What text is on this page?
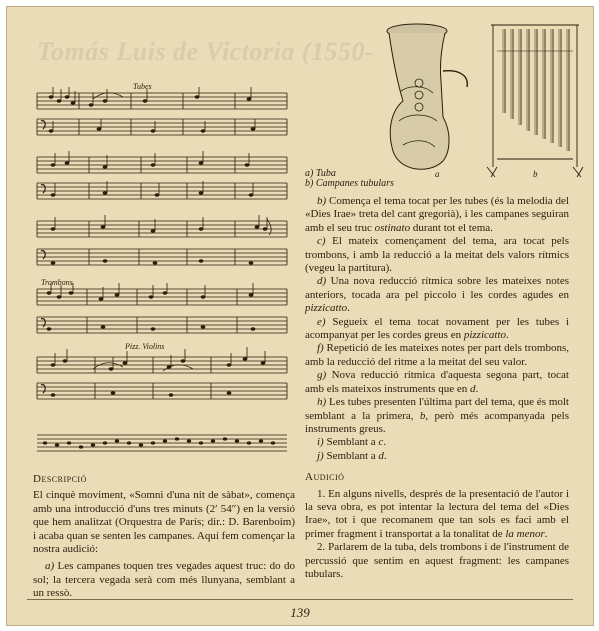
Tomás Luis de Victoria (1550-
Tubes
Trombons
Pizz. Violins
a	b
a) Tuba
b) Campanes tubulars

Descripció

El cinquè moviment, «Somni d'una nit de sàbat», comença amb una introducció d'uns tres minuts (2′ 54″) en la versió que hem analitzat (Orquestra de París; dir.: D. Barenboim) i acaba quan se senten les campanes. Aquí fem començar la nostra audició:

a) Les campanes toquen tres vegades aquest truc: do do sol; la tercera vegada serà com més llunyana, semblant a un ressò.

b) Comença el tema tocat per les tubes (és la melodia del «Dies Irae» treta del cant gregorià), i les campanes seguiran amb el seu truc ostinato durant tot el tema.

c) El mateix començament del tema, ara tocat pels trombons, i amb la reducció a la meitat dels valors rítmics (vegeu la partitura).

d) Una nova reducció rítmica sobre les mateixes notes anteriors, tocada ara pel piccolo i les cordes agudes en pizzicatto.

e) Segueix el tema tocat novament per les tubes i acompanyat per les cordes greus en pizzicatto.

f) Repetició de les mateixes notes per part dels trombons, amb la reducció del ritme a la meitat del seu valor.

g) Nova reducció rítmica d'aquesta segona part, tocat amb els mateixos instruments que en d.

h) Les tubes presenten l'última part del tema, que és molt semblant a la primera, b, però més acompanyada pels instruments greus.

i) Semblant a c.

j) Semblant a d.

Audició

1. En alguns nivells, després de la presentació de l'autor i la seva obra, es pot intentar la lectura del tema del «Dies Irae», tot i que recomanem que tan sols es faci amb el primer fragment i transportat a la tonalitat de la menor.

2. Parlarem de la tuba, dels trombons i de l'instrument de percussió que sentim en aquest fragment: les campanes tubulars.

139
